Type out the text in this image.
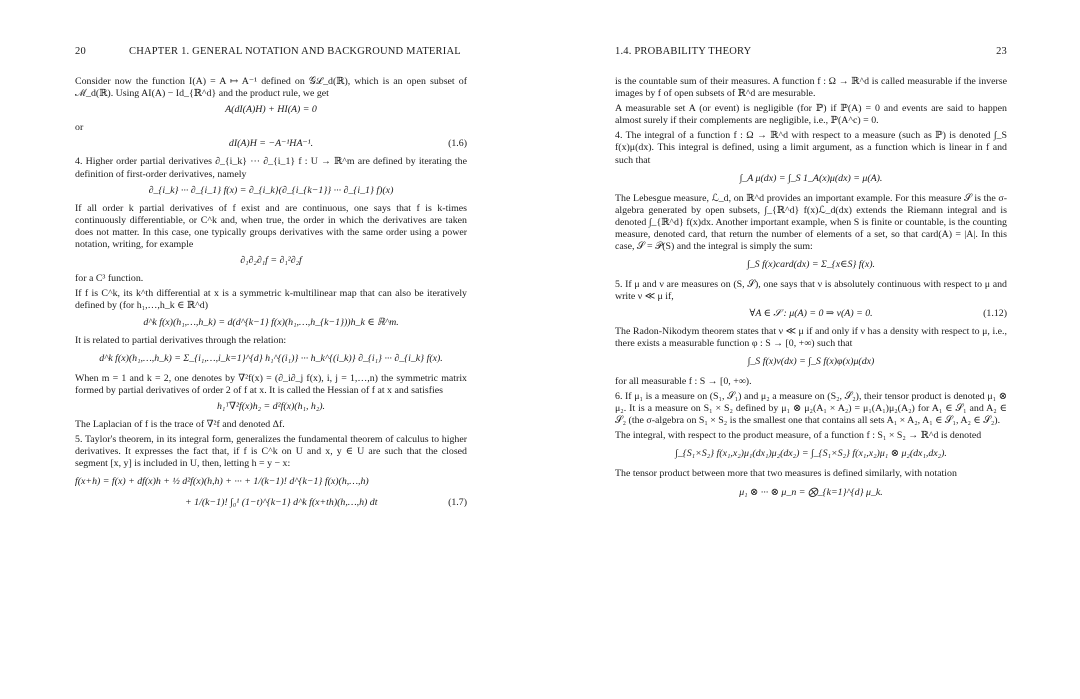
20	CHAPTER 1. GENERAL NOTATION AND BACKGROUND MATERIAL

Consider now the function I(A) = A ↦ A⁻¹ defined on 𝒢ℒ_d(ℝ), which is an open subset of ℳ_d(ℝ). Using AI(A) − Id_{ℝ^d} and the product rule, we get

A(dI(A)H) + HI(A) = 0

or

dI(A)H = −A⁻¹HA⁻¹.	(1.6)

4. Higher order partial derivatives ∂_{i_k} ··· ∂_{i_1} f : U → ℝ^m are defined by iterating the definition of first-order derivatives, namely

∂_{i_k} ··· ∂_{i_1} f(x) = ∂_{i_k}(∂_{i_{k−1}} ··· ∂_{i_1} f)(x)

If all order k partial derivatives of f exist and are continuous, one says that f is k-times continuously differentiable, or C^k and, when true, the order in which the derivatives are taken does not matter. In this case, one typically groups derivatives with the same order using a power notation, writing, for example

∂₁∂₂∂₁f = ∂₁²∂₂f

for a C³ function.

If f is C^k, its k^th differential at x is a symmetric k-multilinear map that can also be iteratively defined by (for h₁,…,h_k ∈ ℝ^d)

d^k f(x)(h₁,…,h_k) = d(d^{k−1} f(x)(h₁,…,h_{k−1}))h_k ∈ ℝ^m.

It is related to partial derivatives through the relation:

d^k f(x)(h₁,…,h_k) = Σ_{i₁,…,i_k=1}^{d} h₁^{(i₁)} ··· h_k^{(i_k)} ∂_{i₁} ··· ∂_{i_k} f(x).

When m = 1 and k = 2, one denotes by ∇²f(x) = (∂_i∂_j f(x), i, j = 1,…,n) the symmetric matrix formed by partial derivatives of order 2 of f at x. It is called the Hessian of f at x and satisfies

h₁ᵀ∇²f(x)h₂ = d²f(x)(h₁, h₂).

The Laplacian of f is the trace of ∇²f and denoted Δf.

5. Taylor's theorem, in its integral form, generalizes the fundamental theorem of calculus to higher derivatives. It expresses the fact that, if f is C^k on U and x, y ∈ U are such that the closed segment [x, y] is included in U, then, letting h = y − x:

f(x+h) = f(x) + df(x)h + ½ d²f(x)(h,h) + ··· + 1/(k−1)! d^{k−1} f(x)(h,…,h)
+ 1/(k−1)! ∫₀¹ (1−t)^{k−1} d^k f(x+th)(h,…,h) dt	(1.7)
1.4. PROBABILITY THEORY	23

is the countable sum of their measures. A function f : Ω → ℝ^d is called measurable if the inverse images by f of open subsets of ℝ^d are mesurable.

A measurable set A (or event) is negligible (for ℙ) if ℙ(A) = 0 and events are said to happen almost surely if their complements are negligible, i.e., ℙ(A^c) = 0.

4. The integral of a function f : Ω → ℝ^d with respect to a measure (such as ℙ) is denoted ∫_S f(x)μ(dx). This integral is defined, using a limit argument, as a function which is linear in f and such that

∫_A μ(dx) = ∫_S 1_A(x)μ(dx) = μ(A).

The Lebesgue measure, ℒ_d, on ℝ^d provides an important example. For this measure 𝒮 is the σ-algebra generated by open subsets, ∫_{ℝ^d} f(x)ℒ_d(dx) extends the Riemann integral and is denoted ∫_{ℝ^d} f(x)dx. Another important example, when S is finite or countable, is the counting measure, denoted card, that return the number of elements of a set, so that card(A) = |A|. In this case, 𝒮 = 𝒫(S) and the integral is simply the sum:

∫_S f(x)card(dx) = Σ_{x∈S} f(x).

5. If μ and ν are measures on (S, 𝒮), one says that ν is absolutely continuous with respect to μ and write ν ≪ μ if,

∀A ∈ 𝒮 : μ(A) = 0 ⇒ ν(A) = 0.	(1.12)

The Radon-Nikodym theorem states that ν ≪ μ if and only if ν has a density with respect to μ, i.e., there exists a measurable function φ : S → [0, +∞) such that

∫_S f(x)ν(dx) = ∫_S f(x)φ(x)μ(dx)

for all measurable f : S → [0, +∞).

6. If μ₁ is a measure on (S₁, 𝒮₁) and μ₂ a measure on (S₂, 𝒮₂), their tensor product is denoted μ₁ ⊗ μ₂. It is a measure on S₁ × S₂ defined by μ₁ ⊗ μ₂(A₁ × A₂) = μ₁(A₁)μ₂(A₂) for A₁ ∈ 𝒮₁ and A₂ ∈ 𝒮₂ (the σ-algebra on S₁ × S₂ is the smallest one that contains all sets A₁ × A₂, A₁ ∈ 𝒮₁, A₂ ∈ 𝒮₂).

The integral, with respect to the product measure, of a function f : S₁ × S₂ → ℝ^d is denoted

∫_{S₁×S₂} f(x₁,x₂)μ₁(dx₁)μ₂(dx₂) = ∫_{S₁×S₂} f(x₁,x₂)μ₁ ⊗ μ₂(dx₁,dx₂).

The tensor product between more that two measures is defined similarly, with notation

μ₁ ⊗ ··· ⊗ μ_n = ⨂_{k=1}^{d} μ_k.
